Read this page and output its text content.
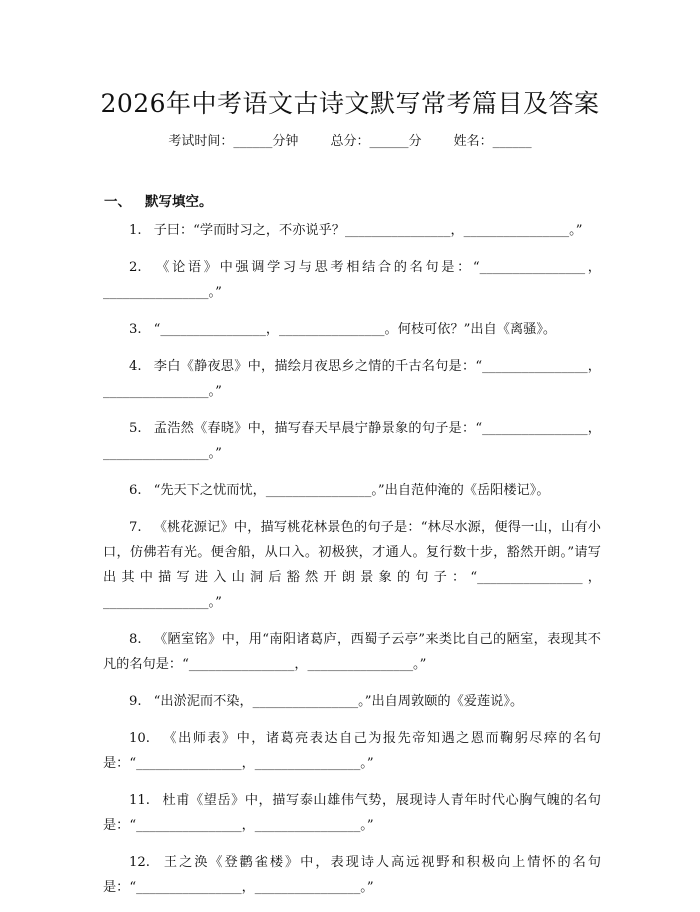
2026年中考语文古诗文默写常考篇目及答案
考试时间：______分钟 总分：______分 姓名：______
一、 默写填空。
1. 子曰：“学而时习之，不亦说乎？________________，________________。”
2. 《论语》中强调学习与思考相结合的名句是：“________________，________________。”
3. “________________，________________。何枝可依？”出自《离骚》。
4. 李白《静夜思》中，描绘月夜思乡之情的千古名句是：“________________，________________。”
5. 孟浩然《春晓》中，描写春天早晨宁静景象的句子是：“________________，________________。”
6. “先天下之忧而忧，________________。”出自范仲淹的《岳阳楼记》。
7. 《桃花源记》中，描写桃花林景色的句子是：“林尽水源，便得一山，山有小口，仿佛若有光。便舍船，从口入。初极狭，才通人。复行数十步，豁然开朗。”请写出其中描写进入山洞后豁然开朗景象的句子：“________________，________________。”
8. 《陋室铭》中，用“南阳诸葛庐，西蜀子云亭”来类比自己的陋室，表现其不凡的名句是：“________________，________________。”
9. “出淤泥而不染，________________。”出自周敦颐的《爱莲说》。
10. 《出师表》中，诸葛亮表达自己为报先帝知遇之恩而鞠躬尽瘁的名句是：“________________，________________。”
11. 杜甫《望岳》中，描写泰山雄伟气势，展现诗人青年时代心胸气魄的名句是：“________________，________________。”
12. 王之涣《登鹳雀楼》中，表现诗人高远视野和积极向上情怀的名句是：“________________，________________。”
